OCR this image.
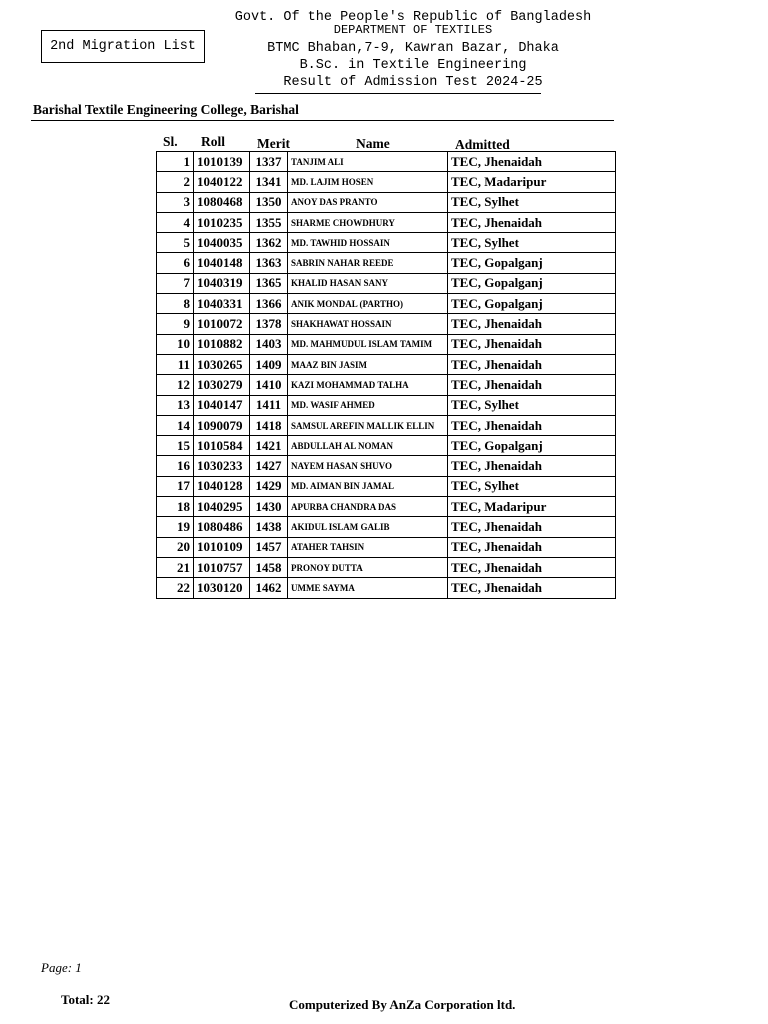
Govt. Of the People's Republic of Bangladesh
DEPARTMENT OF TEXTILES
BTMC Bhaban,7-9, Kawran Bazar, Dhaka
B.Sc. in Textile Engineering
Result of Admission Test 2024-25
2nd Migration List
Barishal Textile Engineering College, Barishal
Sl. Roll Merit	Name	Admitted
1	1010139	1337	TANJIM ALI	TEC, Jhenaidah
2	1040122	1341	MD. LAJIM HOSEN	TEC, Madaripur
3	1080468	1350	ANOY DAS PRANTO	TEC, Sylhet
4	1010235	1355	SHARME CHOWDHURY	TEC, Jhenaidah
5	1040035	1362	MD. TAWHID HOSSAIN	TEC, Sylhet
6	1040148	1363	SABRIN NAHAR REEDE	TEC, Gopalganj
7	1040319	1365	KHALID HASAN SANY	TEC, Gopalganj
8	1040331	1366	ANIK MONDAL (PARTHO)	TEC, Gopalganj
9	1010072	1378	SHAKHAWAT HOSSAIN	TEC, Jhenaidah
10	1010882	1403	MD. MAHMUDUL ISLAM TAMIM	TEC, Jhenaidah
11	1030265	1409	MAAZ BIN JASIM	TEC, Jhenaidah
12	1030279	1410	KAZI MOHAMMAD TALHA	TEC, Jhenaidah
13	1040147	1411	MD. WASIF AHMED	TEC, Sylhet
14	1090079	1418	SAMSUL AREFIN MALLIK ELLIN	TEC, Jhenaidah
15	1010584	1421	ABDULLAH AL NOMAN	TEC, Gopalganj
16	1030233	1427	NAYEM HASAN SHUVO	TEC, Jhenaidah
17	1040128	1429	MD. AIMAN BIN JAMAL	TEC, Sylhet
18	1040295	1430	APURBA CHANDRA DAS	TEC, Madaripur
19	1080486	1438	AKIDUL ISLAM GALIB	TEC, Jhenaidah
20	1010109	1457	ATAHER TAHSIN	TEC, Jhenaidah
21	1010757	1458	PRONOY DUTTA	TEC, Jhenaidah
22	1030120	1462	UMME SAYMA	TEC, Jhenaidah
Page: 1
Total: 22	Computerized By AnZa Corporation ltd.
